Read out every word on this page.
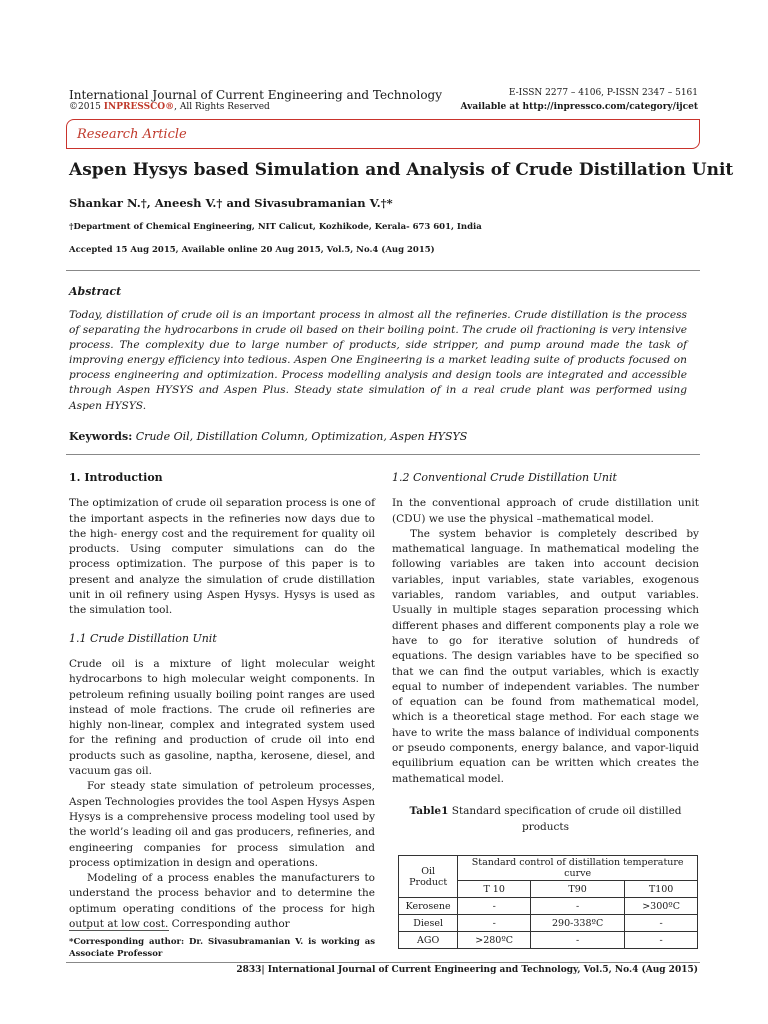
International Journal of Current Engineering and Technology
©2015 INPRESSCO®, All Rights Reserved
E-ISSN 2277 – 4106, P-ISSN 2347 – 5161
Available at http://inpressco.com/category/ijcet
Research Article
Aspen Hysys based Simulation and Analysis of Crude Distillation Unit
Shankar N.†, Aneesh V.† and Sivasubramanian V.†*
†Department of Chemical Engineering, NIT Calicut, Kozhikode, Kerala- 673 601, India
Accepted 15 Aug 2015, Available online 20 Aug 2015, Vol.5, No.4 (Aug 2015)
Abstract
Today, distillation of crude oil is an important process in almost all the refineries. Crude distillation is the process of separating the hydrocarbons in crude oil based on their boiling point. The crude oil fractioning is very intensive process. The complexity due to large number of products, side stripper, and pump around made the task of improving energy efficiency into tedious. Aspen One Engineering is a market leading suite of products focused on process engineering and optimization. Process modelling analysis and design tools are integrated and accessible through Aspen HYSYS and Aspen Plus. Steady state simulation of in a real crude plant was performed using Aspen HYSYS.
Keywords: Crude Oil, Distillation Column, Optimization, Aspen HYSYS

1. Introduction

The optimization of crude oil separation process is one of the important aspects in the refineries now days due to the high- energy cost and the requirement for quality oil products. Using computer simulations can do the process optimization. The purpose of this paper is to present and analyze the simulation of crude distillation unit in oil refinery using Aspen Hysys. Hysys is used as the simulation tool.

1.1 Crude Distillation Unit

Crude oil is a mixture of light molecular weight hydrocarbons to high molecular weight components. In petroleum refining usually boiling point ranges are used instead of mole fractions. The crude oil refineries are highly non-linear, complex and integrated system used for the refining and production of crude oil into end products such as gasoline, naptha, kerosene, diesel, and vacuum gas oil.

For steady state simulation of petroleum processes, Aspen Technologies provides the tool Aspen Hysys Aspen Hysys is a comprehensive process modeling tool used by the world’s leading oil and gas producers, refineries, and engineering companies for process simulation and process optimization in design and operations.

Modeling of a process enables the manufacturers to understand the process behavior and to determine the optimum operating conditions of the process for high output at low cost. Corresponding author

*Corresponding author: Dr. Sivasubramanian V. is working as Associate Professor

1.2 Conventional Crude Distillation Unit

In the conventional approach of crude distillation unit (CDU) we use the physical –mathematical model.

The system behavior is completely described by mathematical language. In mathematical modeling the following variables are taken into account decision variables, input variables, state variables, exogenous variables, random variables, and output variables. Usually in multiple stages separation processing which different phases and different components play a role we have to go for iterative solution of hundreds of equations. The design variables have to be specified so that we can find the output variables, which is exactly equal to number of independent variables. The number of equation can be found from mathematical model, which is a theoretical stage method. For each stage we have to write the mass balance of individual components or pseudo components, energy balance, and vapor-liquid equilibrium equation can be written which creates the mathematical model.

Table1 Standard specification of crude oil distilled products
Oil Product	Standard control of distillation temperature curve		
	T 10	T90	T100
Kerosene	-	-	>300ºC
Diesel	-	290-338ºC	-
AGO	>280ºC	-	-
2833| International Journal of Current Engineering and Technology, Vol.5, No.4 (Aug 2015)
